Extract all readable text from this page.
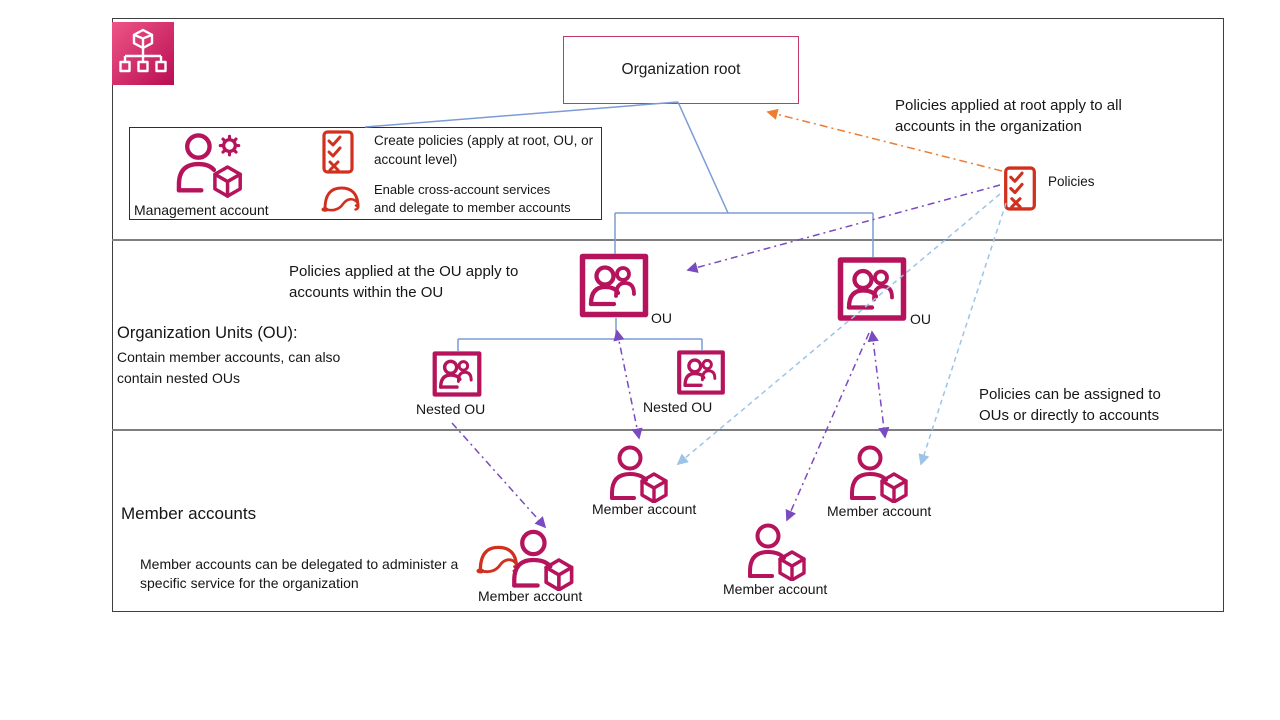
Organization root
Management account
Create policies (apply at root, OU, or account level)
Enable cross-account services and delegate to member accounts
Policies
Policies applied at root apply to all accounts in the organization
Policies applied at the OU apply to accounts within the OU
Organization Units (OU):
Contain member accounts, can also contain nested OUs
Policies can be assigned to OUs or directly to accounts
Member accounts
Member accounts can be delegated to administer a specific service for the organization
OU	OU
Nested OU	Nested OU
Member account	Member account
Member account
Member account
